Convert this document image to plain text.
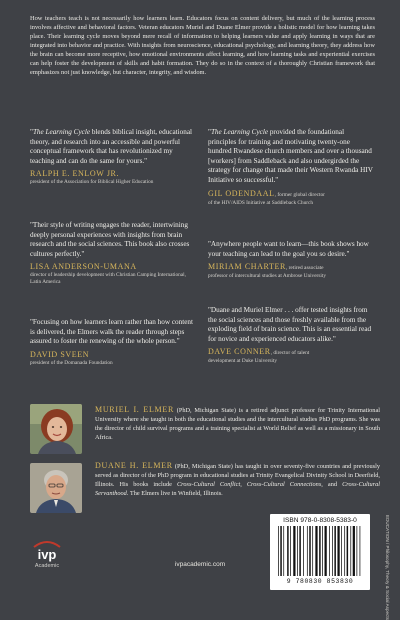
How teachers teach is not necessarily how learners learn. Educators focus on content delivery, but much of the learning process involves affective and behavioral factors. Veteran educators Muriel and Duane Elmer provide a holistic model for how learning takes place. Their learning cycle moves beyond mere recall of information to helping learners value and apply learning in ways that are integrated into behavior and practice. With insights from neuroscience, educational psychology, and learning theory, they address how the brain can become more receptive, how emotional environments affect learning, and how learning tasks and experiential exercises can help foster the development of skills and habit formation. They do so in the context of a thoroughly Christian framework that emphasizes not just knowledge, but character, integrity, and wisdom.

"The Learning Cycle blends biblical insight, educational theory, and research into an accessible and powerful conceptual framework that has revolutionized my teaching and can do the same for yours."

RALPH E. ENLOW JR.

president of the Association for Biblical Higher Education

"Their style of writing engages the reader, intertwining deeply personal experiences with insights from brain research and the social sciences. This book also crosses cultures perfectly."

LISA ANDERSON-UMANA

director of leadership development with Christian Camping International, Latin America

"Focusing on how learners learn rather than how content is delivered, the Elmers walk the reader through steps assured to foster the renewing of the whole person."

DAVID SVEEN

president of the Domanada Foundation

"The Learning Cycle provided the foundational principles for training and motivating twenty-one hundred Rwandese church members and over a thousand [workers] from Saddleback and also undergirded the strategy for change that made their Western Rwanda HIV Initiative so successful."

GIL ODENDAAL, former global director

of the HIV/AIDS Initiative at Saddleback Church

"Anywhere people want to learn—this book shows how your teaching can lead to the goal you so desire."

MIRIAM CHARTER, retired associate

professor of intercultural studies at Ambrose University

"Duane and Muriel Elmer . . . offer tested insights from the social sciences and those freshly available from the exploding field of brain science. This is an essential read for novice and experienced educators alike."

DAVE CONNER, director of talent

development at Duke University

MURIEL I. ELMER (PhD, Michigan State) is a retired adjunct professor for Trinity International University where she taught in both the educational studies and the intercultural studies PhD programs. She was the director of child survival programs and a training specialist at World Relief as well as a missionary in South Africa.

DUANE H. ELMER (PhD, Michigan State) has taught in over seventy-five countries and previously served as director of the PhD program in educational studies at Trinity Evangelical Divinity School in Deerfield, Illinois. His books include Cross-Cultural Conflict, Cross-Cultural Connections, and Cross-Cultural Servanthood. The Elmers live in Winfield, Illinois.

ivp
Academic	ivpacademic.com
ISBN 978-0-8308-5383-0
9 780830 853830	EDUCATION / Philosophy, Theory & Social Aspects
